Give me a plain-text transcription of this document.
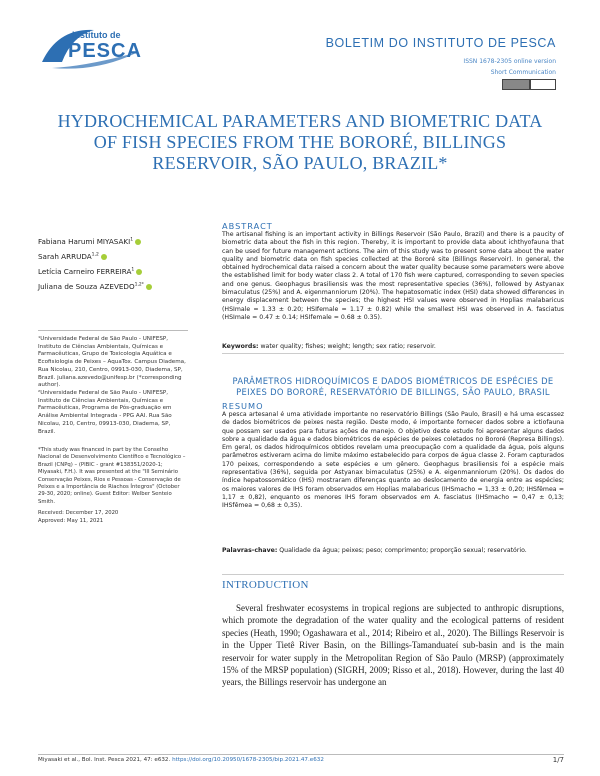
Instituto de
PESCA	BOLETIM DO INSTITUTO DE PESCA
ISSN 1678-2305 online version
Short Communication
HYDROCHEMICAL PARAMETERS AND BIOMETRIC DATA OF FISH SPECIES FROM THE BORORÉ, BILLINGS RESERVOIR, SÃO PAULO, BRAZIL*
Fabiana Harumi MIYASAKI$^1$
Sarah ARRUDA$^{1,2}$
Letícia Carneiro FERREIRA$^1$
Juliana de Souza $AZEVEDO^{1,2*}$
¹Universidade Federal de São Paulo - UNIFESP, Instituto de Ciências Ambientais, Químicas e Farmacêuticas, Grupo de Toxicologia Aquática e Ecofisiologia de Peixes – AquaTox. Campus Diadema, Rua Nicolau, 210, Centro, 09913-030, Diadema, SP, Brazil. juliana.azevedo@unifesp.br (*corresponding author).
²Universidade Federal de São Paulo - UNIFESP, Instituto de Ciências Ambientais, Químicas e Farmacêuticas, Programa de Pós-graduação em Análise Ambiental Integrada - PPG AAI. Rua São Nicolau, 210, Centro, 09913-030, Diadema, SP, Brazil.
*This study was financed in part by the Conselho Nacional de Desenvolvimento Científico e Tecnológico – Brazil (CNPq) – (PIBIC - grant #138351/2020-1; Miyasaki, F.H.). It was presented at the "III Seminário Conservação Peixes, Rios e Pessoas - Conservação de Peixes e a Importância de Riachos Íntegros" (October 29-30, 2020; online). Guest Editor: Welber Senteio Smith.
Received: December 17, 2020
Approved: May 11, 2021
ABSTRACT
The artisanal fishing is an important activity in Billings Reservoir (São Paulo, Brazil) and there is a paucity of biometric data about the fish in this region. Thereby, it is important to provide data about ichthyofauna that can be used for future management actions. The aim of this study was to present some data about the water quality and biometric data on fish species collected at the Bororé site (Billings Reservoir). In general, the obtained hydrochemical data raised a concern about the water quality because some parameters were above the established limit for body water class 2. A total of 170 fish were captured, corresponding to seven species and one genus. Geophagus brasiliensis was the most representative species (36%), followed by Astyanax bimaculatus (25%) and A. eigenmanniorum (20%). The hepatosomatic index (HSI) data showed differences in energy displacement between the species; the highest HSI values were observed in Hoplias malabaricus (HSImale = 1.33 ± 0.20; HSIfemale = 1.17 ± 0.82) while the smallest HSI was observed in A. fasciatus (HSImale = 0.47 ± 0.14; HSIfemale = 0.68 ± 0.35).
Keywords: water quality; fishes; weight; length; sex ratio; reservoir.
PARÂMETROS HIDROQUÍMICOS E DADOS BIOMÉTRICOS DE ESPÉCIES DE PEIXES DO BORORÉ, RESERVATÓRIO DE BILLINGS, SÃO PAULO, BRASIL
RESUMO
A pesca artesanal é uma atividade importante no reservatório Billings (São Paulo, Brasil) e há uma escassez de dados biométricos de peixes nesta região. Deste modo, é importante fornecer dados sobre a ictiofauna que possam ser usados para futuras ações de manejo. O objetivo deste estudo foi apresentar alguns dados sobre a qualidade da água e dados biométricos de espécies de peixes coletados no Bororé (Represa Billings). Em geral, os dados hidroquímicos obtidos revelam uma preocupação com a qualidade da água, pois alguns parâmetros estiveram acima do limite máximo estabelecido para corpos de água classe 2. Foram capturados 170 peixes, correspondendo a sete espécies e um gênero. Geophagus brasiliensis foi a espécie mais representativa (36%), seguida por Astyanax bimaculatus (25%) e A. eigenmanniorum (20%). Os dados do índice hepatossomático (IHS) mostraram diferenças quanto ao deslocamento de energia entre as espécies; os maiores valores de IHS foram observados em Hoplias malabaricus (IHSmacho = 1,33 ± 0,20; IHSfêmea = 1,17 ± 0,82), enquanto os menores IHS foram observados em A. fasciatus (IHSmacho = 0,47 ± 0,13; IHSfêmea = 0,68 ± 0,35).
Palavras-chave: Qualidade da água; peixes; peso; comprimento; proporção sexual; reservatório.
INTRODUCTION
Several freshwater ecosystems in tropical regions are subjected to anthropic disruptions, which promote the degradation of the water quality and the ecological patterns of resident species (Heath, 1990; Ogashawara et al., 2014; Ribeiro et al., 2020). The Billings Reservoir is in the Upper Tietê River Basin, on the Billings-Tamanduateí sub-basin and is the main reservoir for water supply in the Metropolitan Region of São Paulo (MRSP) (approximately 15% of the MRSP population) (SIGRH, 2009; Risso et al., 2018). However, during the last 40 years, the Billings reservoir has undergone an
Miyasaki et al., Bol. Inst. Pesca 2021, 47: e632. https://doi.org/10.20950/1678-2305/bip.2021.47.e632	1/7
